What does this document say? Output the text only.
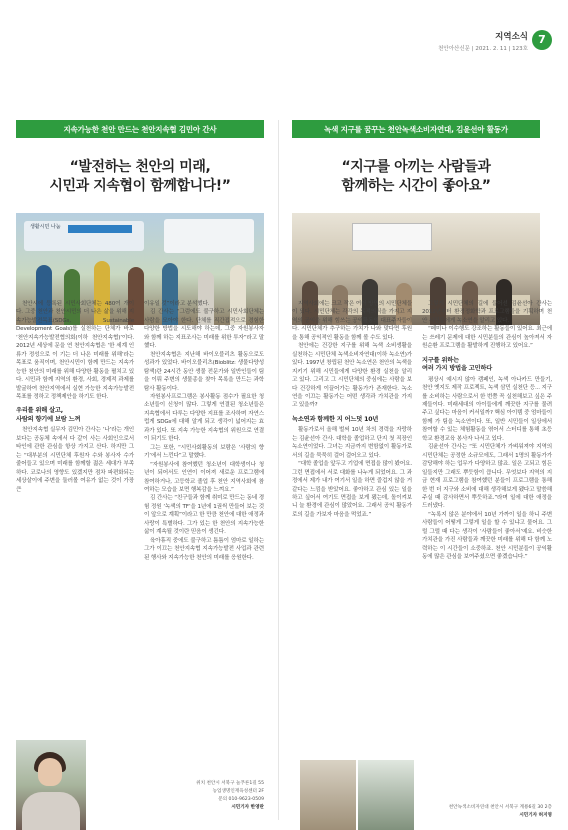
지역소식
천안아산신문 | 2021. 2. 11 | 123호
7
지속가능한 천안 만드는 천안지속협 김민아 간사
“발전하는 천안의 미래,
시민과 지속협이 함께합니다!”
생활시민 나눔

천안시에 등록된 시민사회단체는 480여 개이다. 그중 천안과 천안시민의 더 나은 삶을 위해 지속가능발전목표(SDGs, Sustainable Development Goals)를 실천하는 단체가 바로 ‘천안지속가능발전협의회(이하 천안지속협)’이다. 2012년 세상에 문을 연 천안지속협은 ‘한 세계 인류가 정성으로 이 기는 더 나은 미래를 위해’라는 목표로 움직이며, 천안시민이 함께 만드는 지속가능한 천안의 미래를 위해 다양한 활동을 펼치고 있다. 시민과 함께 지역의 환경, 사회, 경제적 과제를 발굴하여 천안지역에서 실현 가능한 지속가능발전 목표를 정하고 정책제안을 하기도 한다.

우리를 위해 살고,
사람의 향기에 보람 느껴

천안지속협 실무자 김민아 간사는 ‘나’라는 개인보다는 공동체 속에서 다 같이 사는 사회인으로서 타인에 관한 관심을 항상 가지고 산다. 하지만 그는 “대부분의 시민단체 후원자 수와 봉사자 수가 줄어들고 있으며 미래를 함께할 젊은 세대가 부족하다. 코로나의 영향도 있겠지만 점차 파편화되는 세상살이에 주변을 둘러볼 여유가 없는 것이 가장 큰

이유일 것”이라고 분석했다.

김 간사는 “그럼에도 불구하고 시민사회단체는 사람을 모아야 한다. 단체를 직간접적으로 경험한 다양한 방법을 시도해야 하는데, 그중 자원봉사자와 함께 하는 지표조사는 미래를 위한 투자”라고 말했다.

천안지속협은 지난해 바이오블리츠 활동으로도 성과가 있었다. 바이오블리츠(Bioblitz: 생물다양성탐색)란 24시간 동안 생물 전문가와 일반인들이 팀을 이뤄 주변의 생물종을 찾아 목록을 만드는 과학탐사 활동이다.

자원봉사프로그램은 봉사활동 점수가 필요한 청소년들이 신청이 많다. 그렇게 연결된 청소년들은 지속협에서 다루는 다양한 지표를 조사하며 자연스럽게 SDGs에 대해 알게 되고 생각이 넓어지는 효과가 있다. 또 지속 가능한 지속협의 위원으로 연결이 되기도 한다.

그는 또한, “시민사회활동의 보람은 ‘사람의 향기’에서 느낀다”고 말했다.

“자원봉사에 참여했던 청소년이 대학생이나 청년이 되어서도 인연이 이어져 새로운 프로그램에 참여하거나, 고등학교 졸업 후 천안 지역사회에 참여하는 모습을 보면 행복감을 느껴요.”

김 간사는 “친구들과 함께 취미로 만드는 동네 경험 정원 ‘녹색의 TF’을 1년에 1권씩 만들어 보는 것이 앞으로 계획”이라고 한 만큼 천안에 대한 애정과 사랑이 특별하다. 그가 있는 한 천안의 지속가능한 삶이 계속될 것이란 믿음이 생긴다.

육아휴직 중에도 불구하고 틈틈이 엄마로 일하는 그가 이끄는 천안지속협 지속가능발전 사업과 관련된 행사와 지속가능한 천안의 미래를 응원한다.

위치 천안시 서북구 늘푸른1길 55
농업생명인재육성센터 2F
문의 010-9623-0509
시민기자 한영란
녹색 지구를 꿈꾸는 천안녹색소비자연대, 김윤선아 활동가
“지구를 아끼는 사람들과
함께하는 시간이 좋아요”

지역사회에는 크고 작은 여러 방면의 시민단체들이 있다. 시민단체는 각각의 목적의식을 가지고 지역의 공익을 위해 힘쓰는 공익활동의 대표주자들이다. 시민단체가 추구하는 가치가 나와 맞다면 후원을 통해 공익적인 활동을 함께 볼 수도 있다.

천안에는 건강한 지구를 위해 녹색 소비생활을 실천하는 시민단체 녹색소비자연대(이하 녹소연)가 있다. 1997년 창립된 천안 녹소연은 천안의 녹색을 지키기 위해 시민들에게 다양한 환경 실천을 알리고 있다. 그리고 그 시민단체의 중심에는 사람을 보다 건강하게 이끌어가는 활동가가 존재한다. 녹소연을 이끄는 활동가는 어떤 생각과 가치관을 가지고 있을까?

녹소연과 함께한 지 어느덧 10년

활동가로서 올해 벌써 10년 차의 경력을 자랑하는 김윤선아 간사. 대학을 졸업하고 단지 첫 직장인 녹소연이었다. 그녀는 지금까지 변함없이 활동가로서의 길을 묵묵히 걸어 걸어오고 있다.

“대학 졸업을 앞두고 기업에 면접을 많이 봤어요. 그런 면접에서 서로 대화를 나누게 되었어요. 그 과정에서 제가 내가 여기서 일을 하면 즐겁지 않을 거 같다는 느낌을 받았어요. 좋아하고 관심 있는 일을 하고 싶어서 여기도 면접을 보게 됐는데, 돌이켜보니 늘 환경에 관심이 많았어요. 그래서 공익 활동가로의 길을 가보자 마음을 먹었죠.”

그렇게 시민단체의 길에 들어선 김윤선아 간사는 2012년부터 환경정화학과 프로그램들을 기획하며 천안 시민들에게 녹소연을 알리고 있다.

“페미나 이수행도 강조하는 활동들이 있어요. 최근에는 쓰레기 문제에 대한 시민분들의 관심이 높아져서 자원순환 프로그램을 활발하게 진행하고 있어요.”

지구를 위하는
여러 가지 방법을 고민하다

평상시 예시지 않아 캠페인, 녹색 아나카드 만들기, 천안 옛지도 제작 프로젝트, 녹색 삼민 실천단 등... 지구를 소비하는 사람으로서 한 번쯤 꼭 실천해보고 싶은 주제들이다. 미래세대의 아이들에게 깨끗한 지구를 물려주고 싶다는 마음이 커서일까? 핵심 아이템 중 엄마들이 함께 가 팀을 녹소연이다. 또, 일반 시민들이 일상에서 참여할 수 있는 체험활동을 엮어서 스터디를 통해 초등학교 환경교육 봉사자 나서고 있다.

김윤선아 간사는 “또 시민단체가 가벼워져야 지역의 시민단체는 공정한 소규모에도, 그래서 1명의 활동가가 감당해야 하는 업무가 다양하고 많죠. 일은 고되고 힘든 일들지만 그래도 뿌듯함이 큽니다. 무엇보다 지역의 지금 현재 프로그램을 참여했던 분들이 프로그램을 통해 한 번 더 지구와 소비에 대해 생각해보게 됐다고 말씀해주실 때 감사하면서 뿌듯하죠.”라며 일에 대한 애정을 드러냈다.

“녹록지 않은 분야에서 10년 가까이 일을 하니 주변 사람들이 어떻게 그렇게 일을 할 수 있냐고 물어요. 그럴 그럴 때 다는 생각이 ‘사람들이 좋아서’예요. 비슷한 가치관을 가진 사람들과 깨끗한 미래를 위해 다 함께 노력하는 이 시간들이 소중하죠. 천안 시민분들이 공익활동에 많은 관심을 보여주셨으면 좋겠습니다.”

천안녹색소비자연대 천안시 서북구 계룡6길 30 2층
시민기자 허지영
